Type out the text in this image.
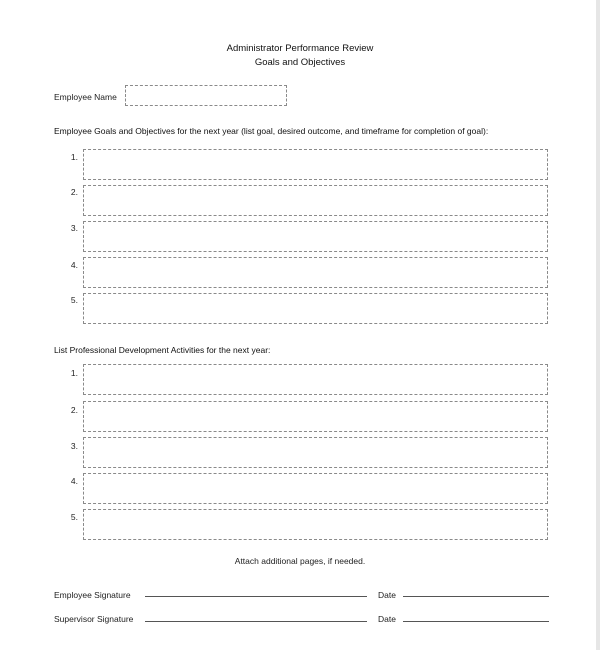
Administrator Performance Review
Goals and Objectives
Employee Name
Employee Goals and Objectives for the next year (list goal, desired outcome, and timeframe for completion of goal):
1.
2.
3.
4.
5.
List Professional Development Activities for the next year:
1.
2.
3.
4.
5.
Attach additional pages, if needed.
Employee Signature	Date
Supervisor Signature	Date
